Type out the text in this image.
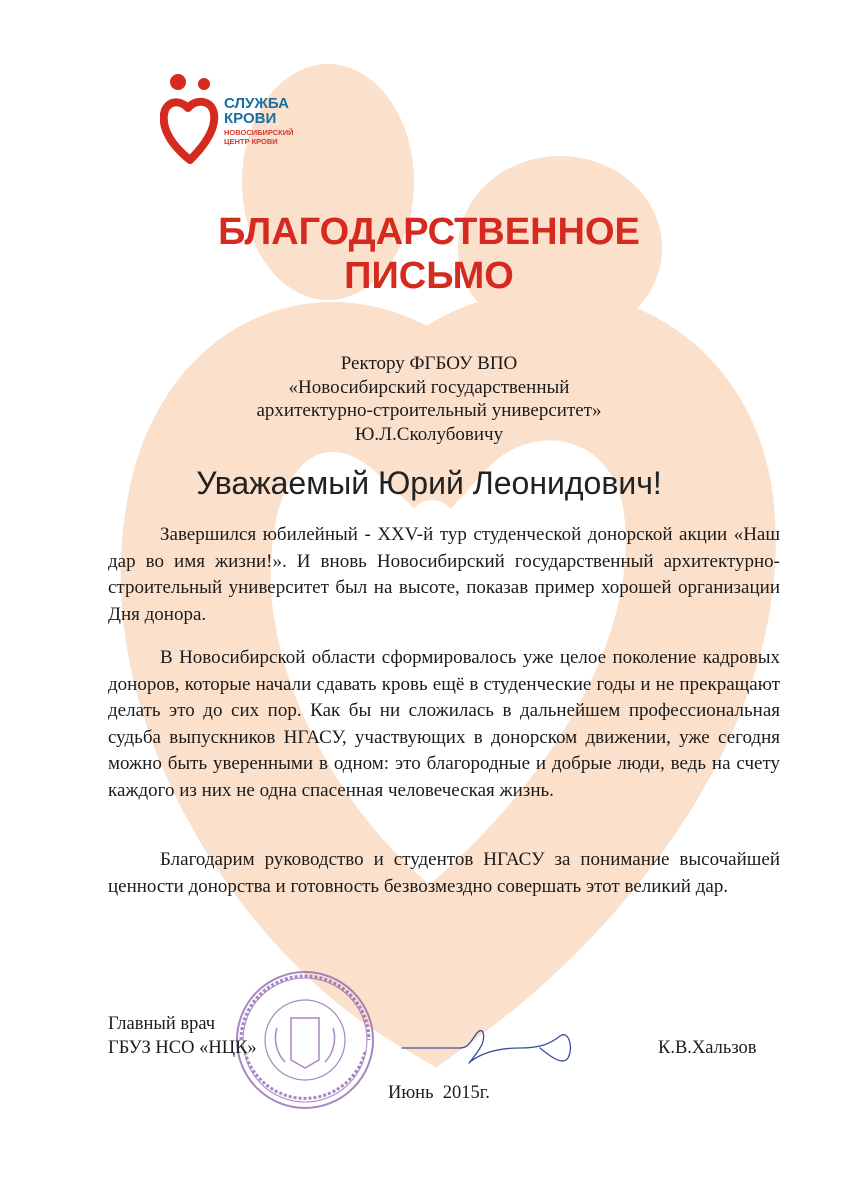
СЛУЖБА
КРОВИ
НОВОСИБИРСКИЙ
ЦЕНТР КРОВИ
БЛАГОДАРСТВЕННОЕ
ПИСЬМО
Ректору ФГБОУ ВПО
«Новосибирский государственный
архитектурно-строительный университет»
Ю.Л.Сколубовичу
Уважаемый Юрий Леонидович!
Завершился юбилейный - XXV-й тур студенческой донорской акции «Наш дар во имя жизни!». И вновь Новосибирский государственный архитектурно-строительный университет был на высоте, показав пример хорошей организации Дня донора.
В Новосибирской области сформировалось уже целое поколение кадровых доноров, которые начали сдавать кровь ещё в студенческие годы и не прекращают делать это до сих пор. Как бы ни сложилась в дальнейшем профессиональная судьба выпускников НГАСУ, участвующих в донорском движении, уже сегодня можно быть уверенными в одном: это благородные и добрые люди, ведь на счету каждого из них не одна спасенная человеческая жизнь.
Благодарим руководство и студентов НГАСУ за понимание высочайшей ценности донорства и готовность безвозмездно совершать этот великий дар.
Главный врач
ГБУЗ НСО «НЦК»	К.В.Хальзов
Июнь  2015г.
